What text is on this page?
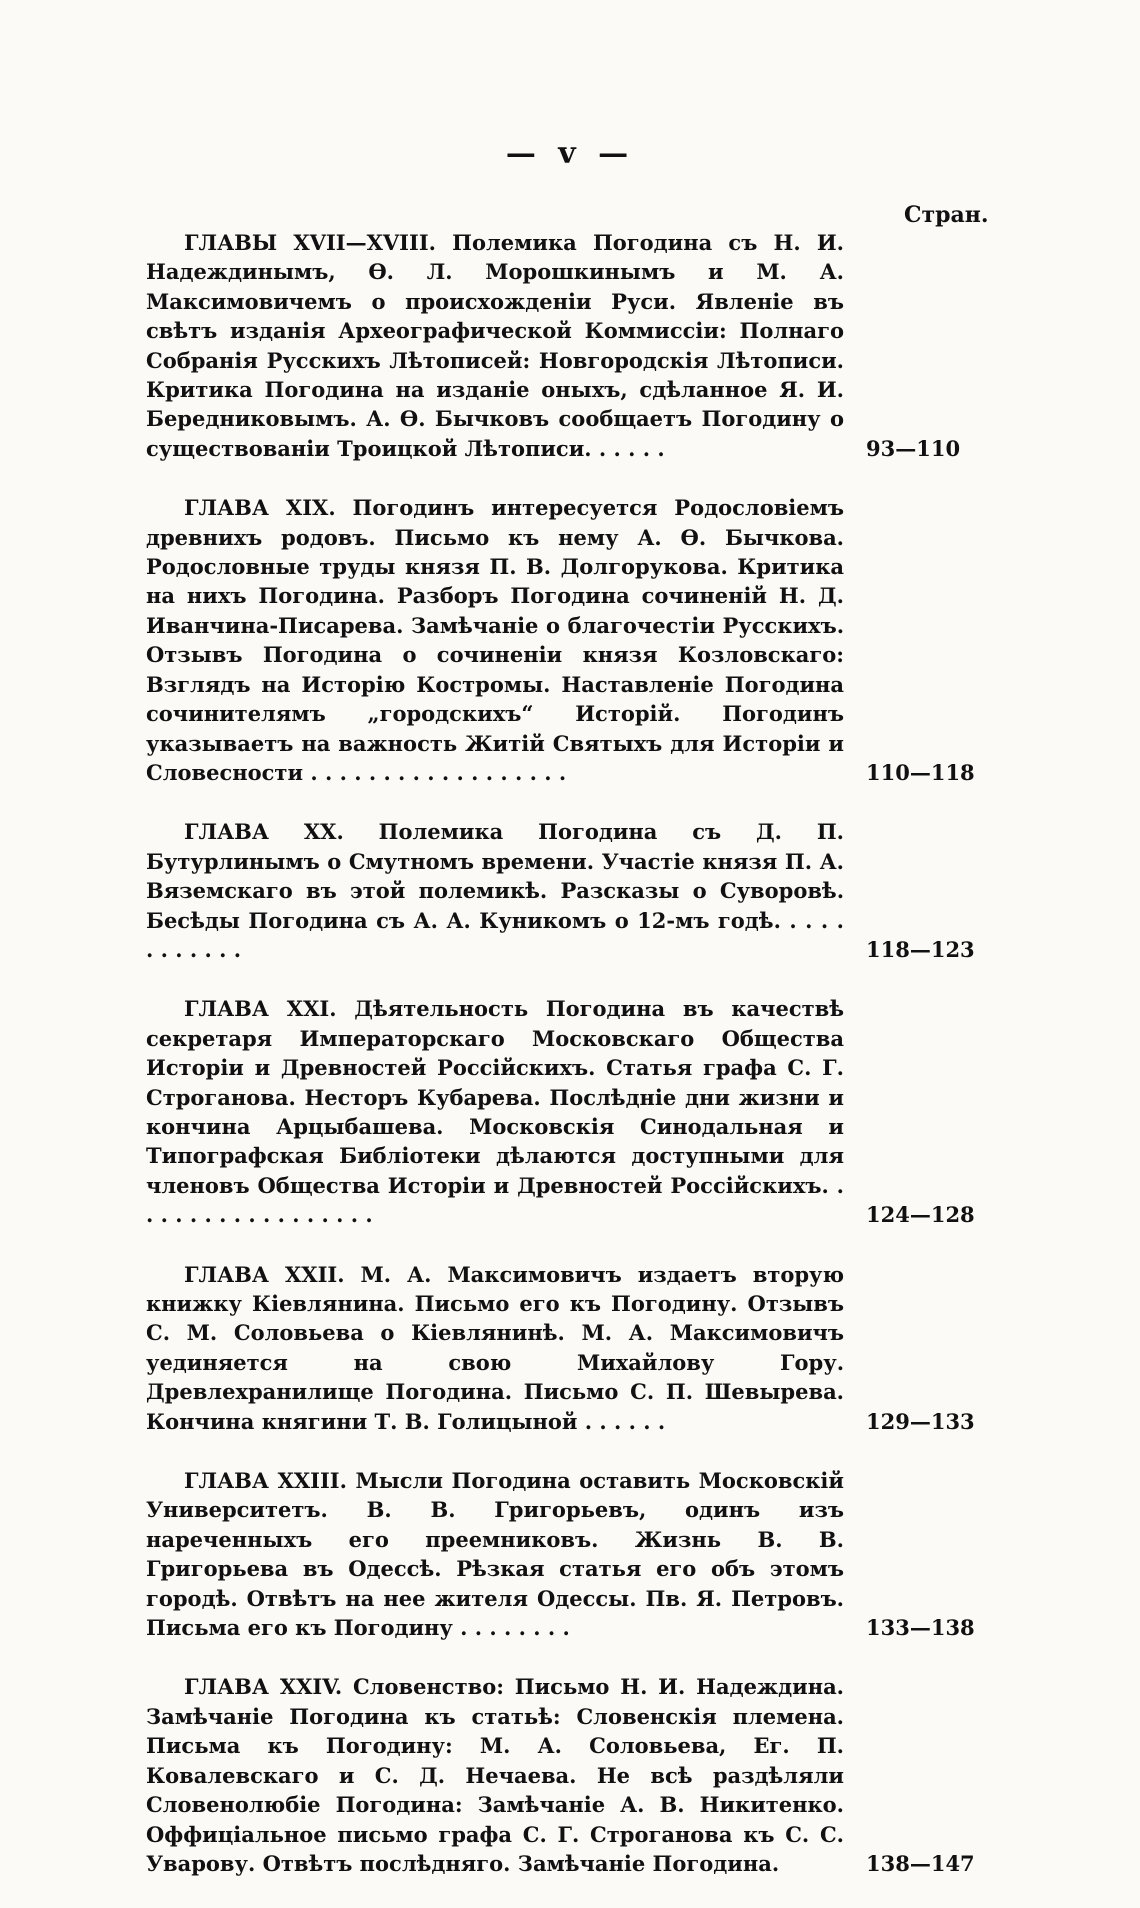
— v —
Стран.

ГЛАВЫ XVII—XVIII. Полемика Погодина съ Н. И. Надеждинымъ, Ѳ. Л. Морошкинымъ и М. А. Максимовичемъ о происхожденіи Руси. Явленіе въ свѣтъ изданія Археографической Коммиссіи: Полнаго Собранія Русскихъ Лѣтописей: Новгородскія Лѣтописи. Критика Погодина на изданіе оныхъ, сдѣланное Я. И. Бередниковымъ. А. Ѳ. Бычковъ сообщаетъ Погодину о существованіи Троицкой Лѣтописи. . . . . .	93—110

ГЛАВА XIX. Погодинъ интересуется Родословіемъ древнихъ родовъ. Письмо къ нему А. Ѳ. Бычкова. Родословные труды князя П. В. Долгорукова. Критика на нихъ Погодина. Разборъ Погодина сочиненій Н. Д. Иванчина-Писарева. Замѣчаніе о благочестіи Русскихъ. Отзывъ Погодина о сочиненіи князя Козловскаго: Взглядъ на Исторію Костромы. Наставленіе Погодина сочинителямъ „городскихъ“ Исторій. Погодинъ указываетъ на важность Житій Святыхъ для Исторіи и Словесности . . . . . . . . . . . . . . . . . .	110—118

ГЛАВА XX. Полемика Погодина съ Д. П. Бутурлинымъ о Смутномъ времени. Участіе князя П. А. Вяземскаго въ этой полемикѣ. Разсказы о Суворовѣ. Бесѣды Погодина съ А. А. Куникомъ о 12-мъ годѣ. . . . . . . . . . . .	118—123

ГЛАВА XXI. Дѣятельность Погодина въ качествѣ секретаря Императорскаго Московскаго Общества Исторіи и Древностей Россійскихъ. Статья графа С. Г. Строганова. Несторъ Кубарева. Послѣдніе дни жизни и кончина Арцыбашева. Московскія Синодальная и Типографская Библіотеки дѣлаются доступными для членовъ Общества Исторіи и Древностей Россійскихъ. . . . . . . . . . . . . . . . . .	124—128

ГЛАВА XXII. М. А. Максимовичъ издаетъ вторую книжку Кіевлянина. Письмо его къ Погодину. Отзывъ С. М. Соловьева о Кіевлянинѣ. М. А. Максимовичъ уединяется на свою Михайлову Гору. Древлехранилище Погодина. Письмо С. П. Шевырева. Кончина княгини Т. В. Голицыной . . . . . .	129—133

ГЛАВА XXIII. Мысли Погодина оставить Московскій Университетъ. В. В. Григорьевъ, одинъ изъ нареченныхъ его преемниковъ. Жизнь В. В. Григорьева въ Одессѣ. Рѣзкая статья его объ этомъ городѣ. Отвѣтъ на нее жителя Одессы. Пв. Я. Петровъ. Письма его къ Погодину . . . . . . . .	133—138

ГЛАВА XXIV. Словенство: Письмо Н. И. Надеждина. Замѣчаніе Погодина къ статьѣ: Словенскія племена. Письма къ Погодину: М. А. Соловьева, Ег. П. Ковалевскаго и С. Д. Нечаева. Не всѣ раздѣляли Словенолюбіе Погодина: Замѣчаніе А. В. Никитенко. Оффиціальное письмо графа С. Г. Строганова къ С. С. Уварову. Отвѣтъ послѣдняго. Замѣчаніе Погодина.	138—147
